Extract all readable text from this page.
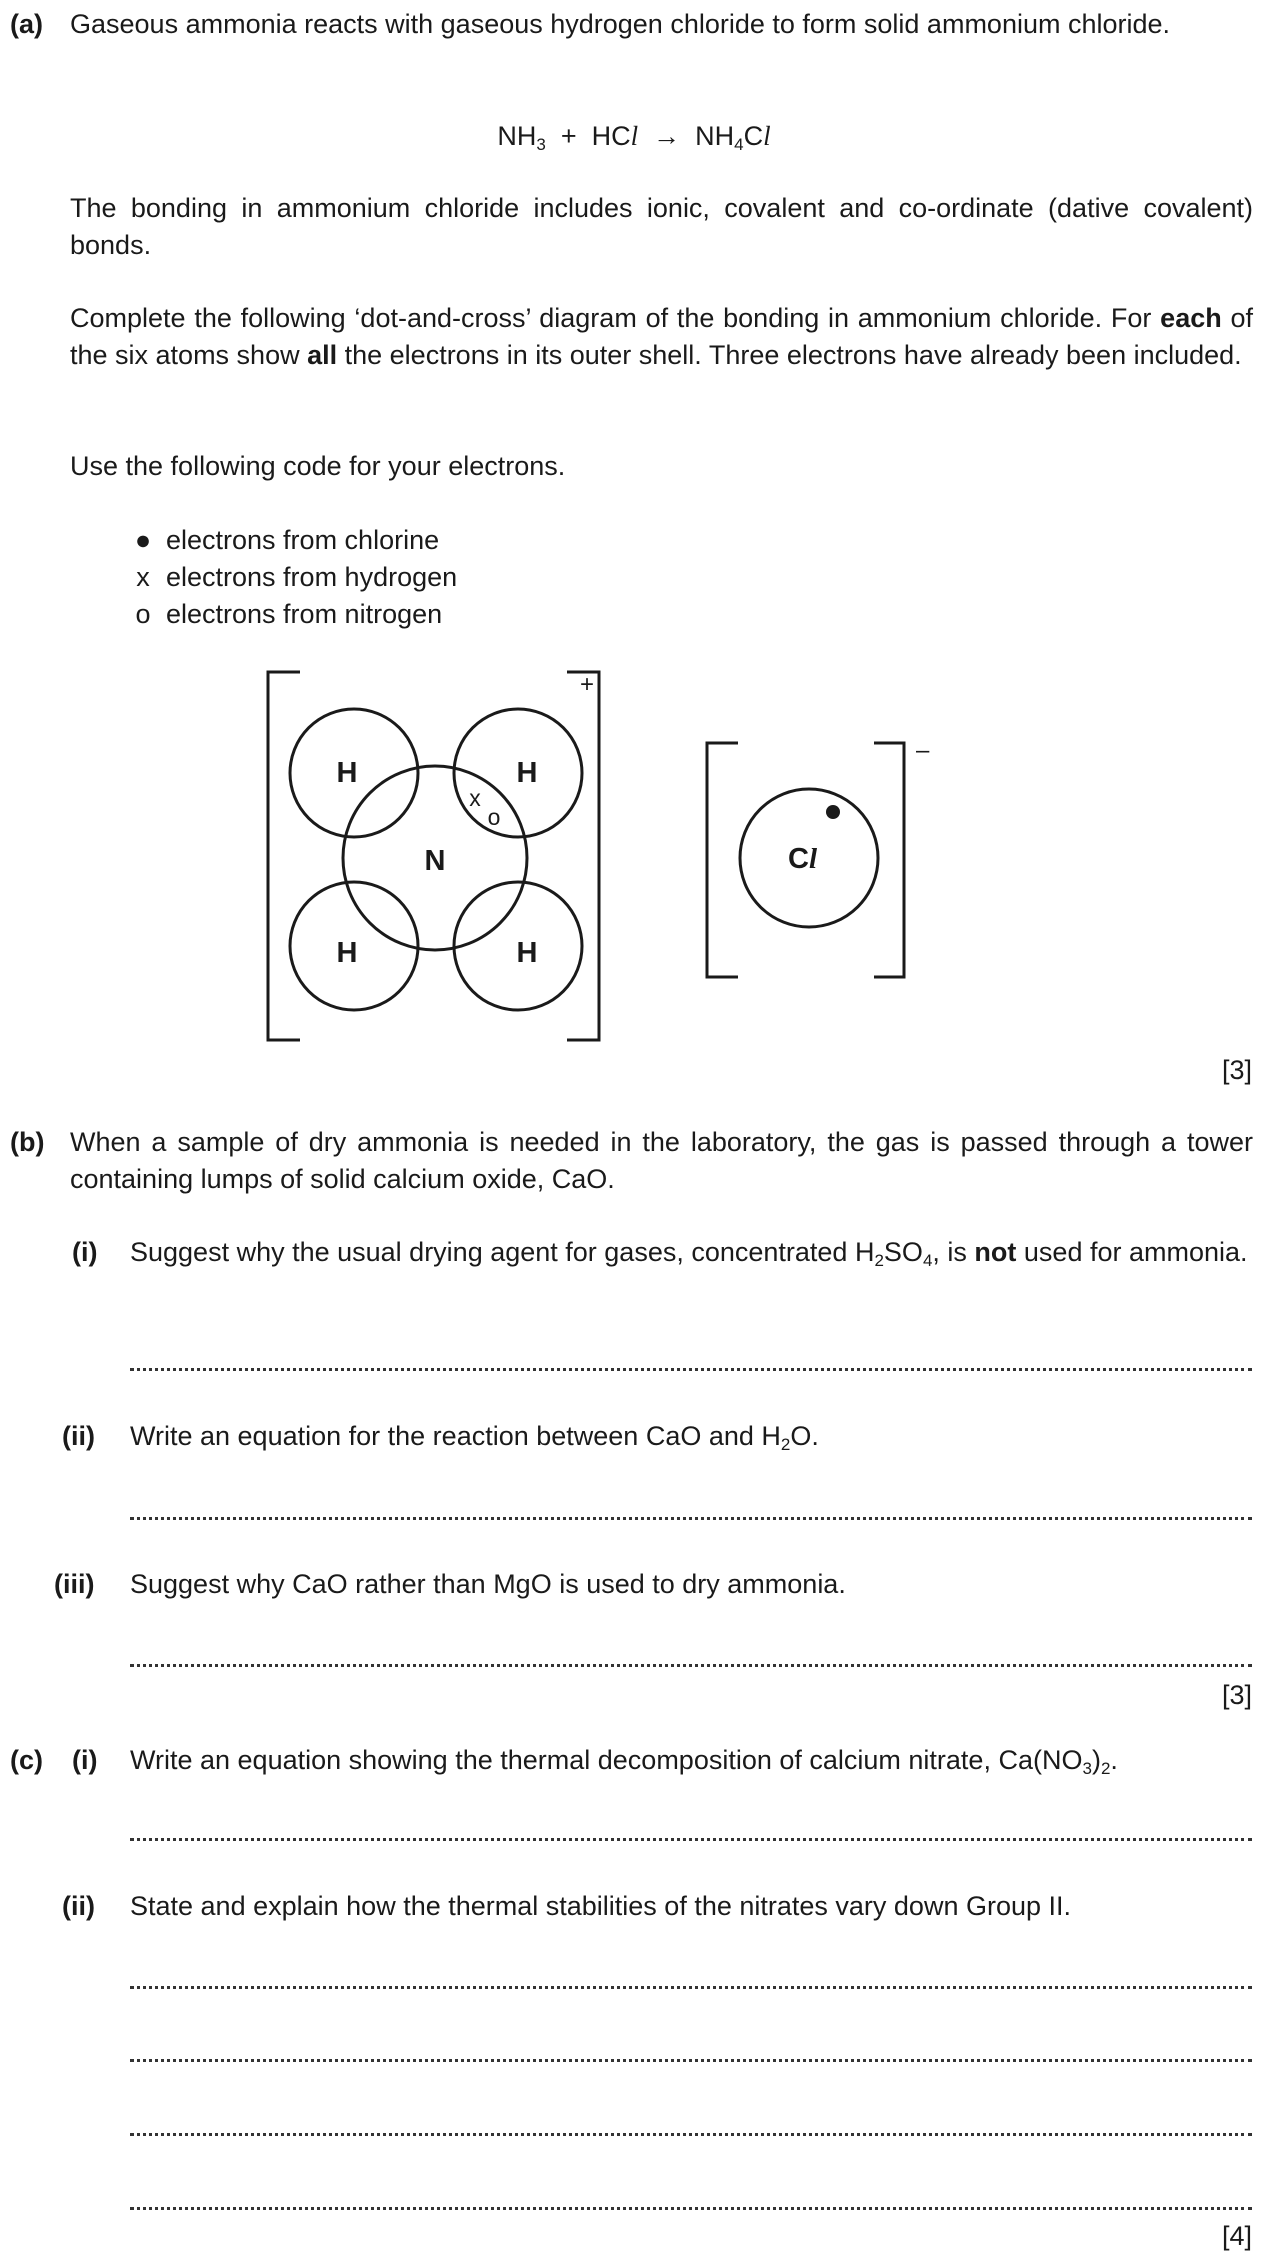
(a) Gaseous ammonia reacts with gaseous hydrogen chloride to form solid ammonium chloride.
$NH_3$ + HCl → $NH_4Cl$
The bonding in ammonium chloride includes ionic, covalent and co-ordinate (dative covalent) bonds.
Complete the following ‘dot-and-cross’ diagram of the bonding in ammonium chloride. For each of the six atoms show all the electrons in its outer shell. Three electrons have already been included.
Use the following code for your electrons.
● electrons from chlorine
x electrons from hydrogen
o electrons from nitrogen
H	H
H	H
N
x
o
+
–
Cl
[3]
(b) When a sample of dry ammonia is needed in the laboratory, the gas is passed through a tower containing lumps of solid calcium oxide, CaO.
(i) Suggest why the usual drying agent for gases, concentrated $H_2SO_4$, is not used for ammonia.
(ii) Write an equation for the reaction between CaO and $H_2O$.
(iii) Suggest why CaO rather than MgO is used to dry ammonia.
[3]
(c) (i) Write an equation showing the thermal decomposition of calcium nitrate, $Ca(NO_3)_2$.
(ii) State and explain how the thermal stabilities of the nitrates vary down Group II.
[4]
